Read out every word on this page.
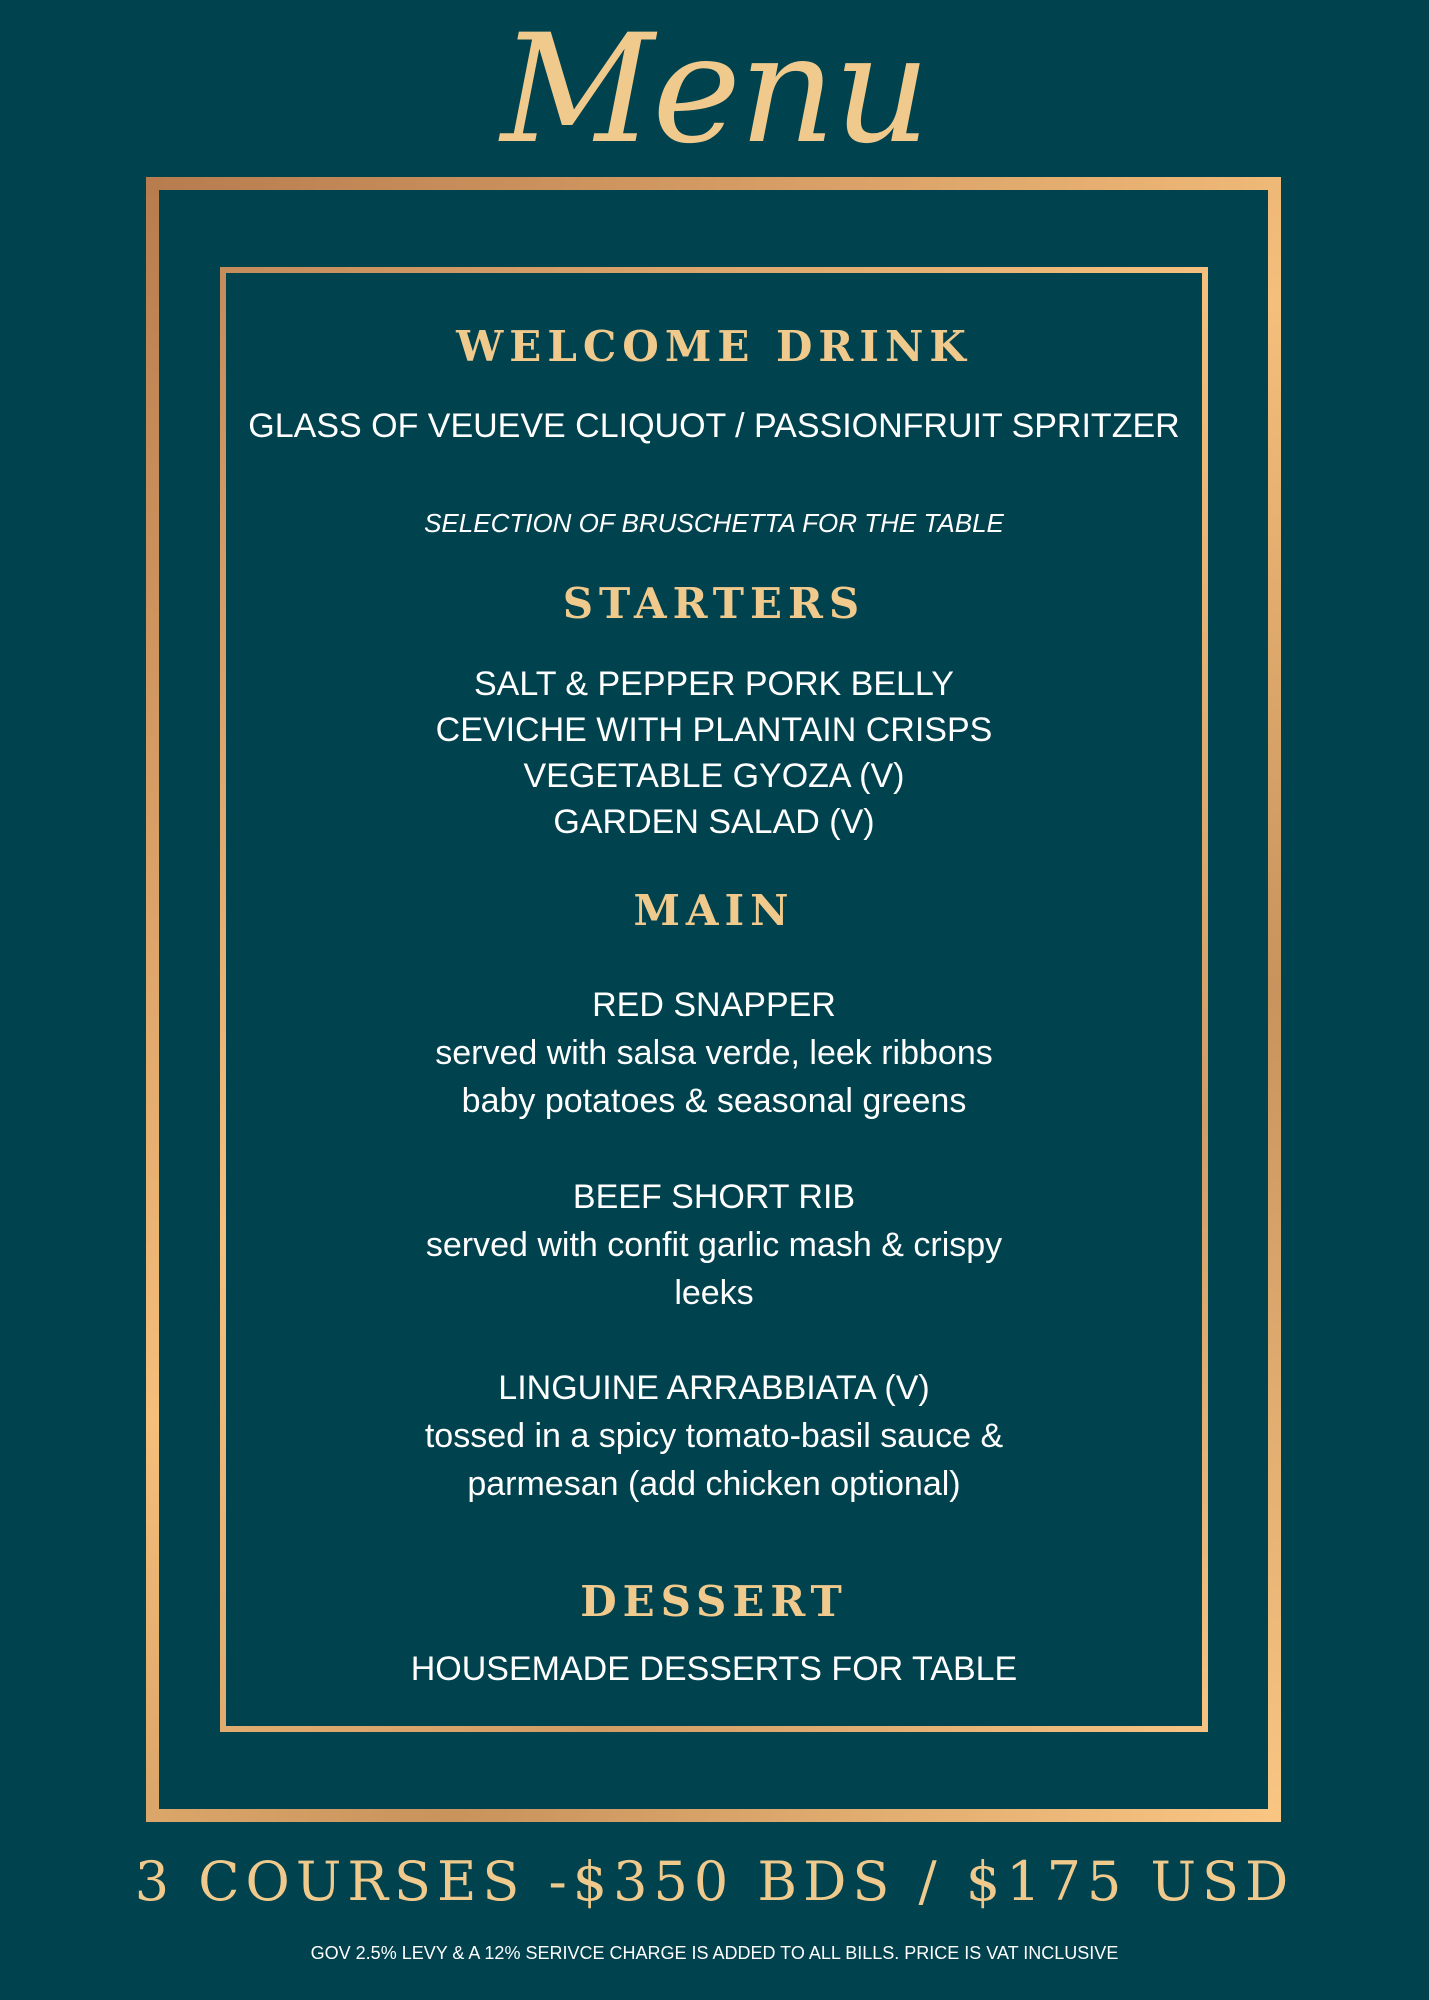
Menu
WELCOME DRINK
GLASS OF VEUEVE CLIQUOT / PASSIONFRUIT SPRITZER
SELECTION OF BRUSCHETTA FOR THE TABLE
STARTERS
SALT & PEPPER PORK BELLY
CEVICHE WITH PLANTAIN CRISPS
VEGETABLE GYOZA (V)
GARDEN SALAD (V)
MAIN
RED SNAPPER
served with salsa verde, leek ribbons
baby potatoes & seasonal greens
BEEF SHORT RIB
served with confit garlic mash & crispy
leeks
LINGUINE ARRABBIATA (V)
tossed in a spicy tomato-basil sauce &
parmesan (add chicken optional)
DESSERT
HOUSEMADE DESSERTS FOR TABLE
3 COURSES -$350 BDS / $175 USD
GOV 2.5% LEVY & A 12% SERIVCE CHARGE IS ADDED TO ALL BILLS. PRICE IS VAT INCLUSIVE
